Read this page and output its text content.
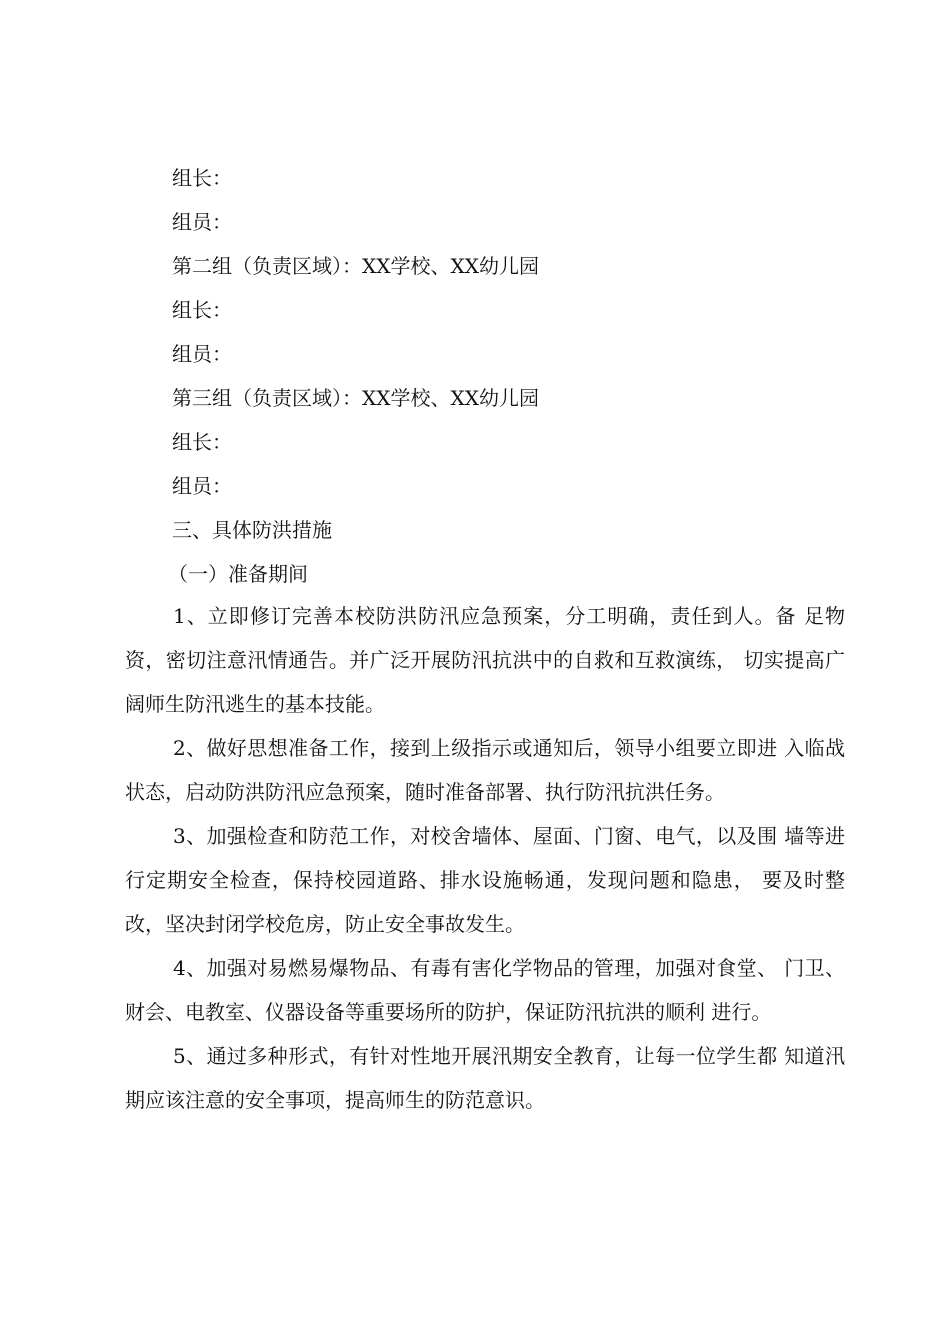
组长：
组员：
第二组（负责区域）：XX学校、XX幼儿园
组长：
组员：
第三组（负责区域）：XX学校、XX幼儿园
组长：
组员：
三、具体防洪措施
（一）准备期间
1、立即修订完善本校防洪防汛应急预案，分工明确，责任到人。备 足物资，密切注意汛情通告。并广泛开展防汛抗洪中的自救和互救演练， 切实提高广阔师生防汛逃生的基本技能。
2、做好思想准备工作，接到上级指示或通知后，领导小组要立即进 入临战状态，启动防洪防汛应急预案，随时准备部署、执行防汛抗洪任务。
3、加强检查和防范工作，对校舍墙体、屋面、门窗、电气，以及围 墙等进行定期安全检查，保持校园道路、排水设施畅通，发现问题和隐患， 要及时整改，坚决封闭学校危房，防止安全事故发生。
4、加强对易燃易爆物品、有毒有害化学物品的管理，加强对食堂、 门卫、财会、电教室、仪器设备等重要场所的防护，保证防汛抗洪的顺利 进行。
5、通过多种形式，有针对性地开展汛期安全教育，让每一位学生都 知道汛期应该注意的安全事项，提高师生的防范意识。
